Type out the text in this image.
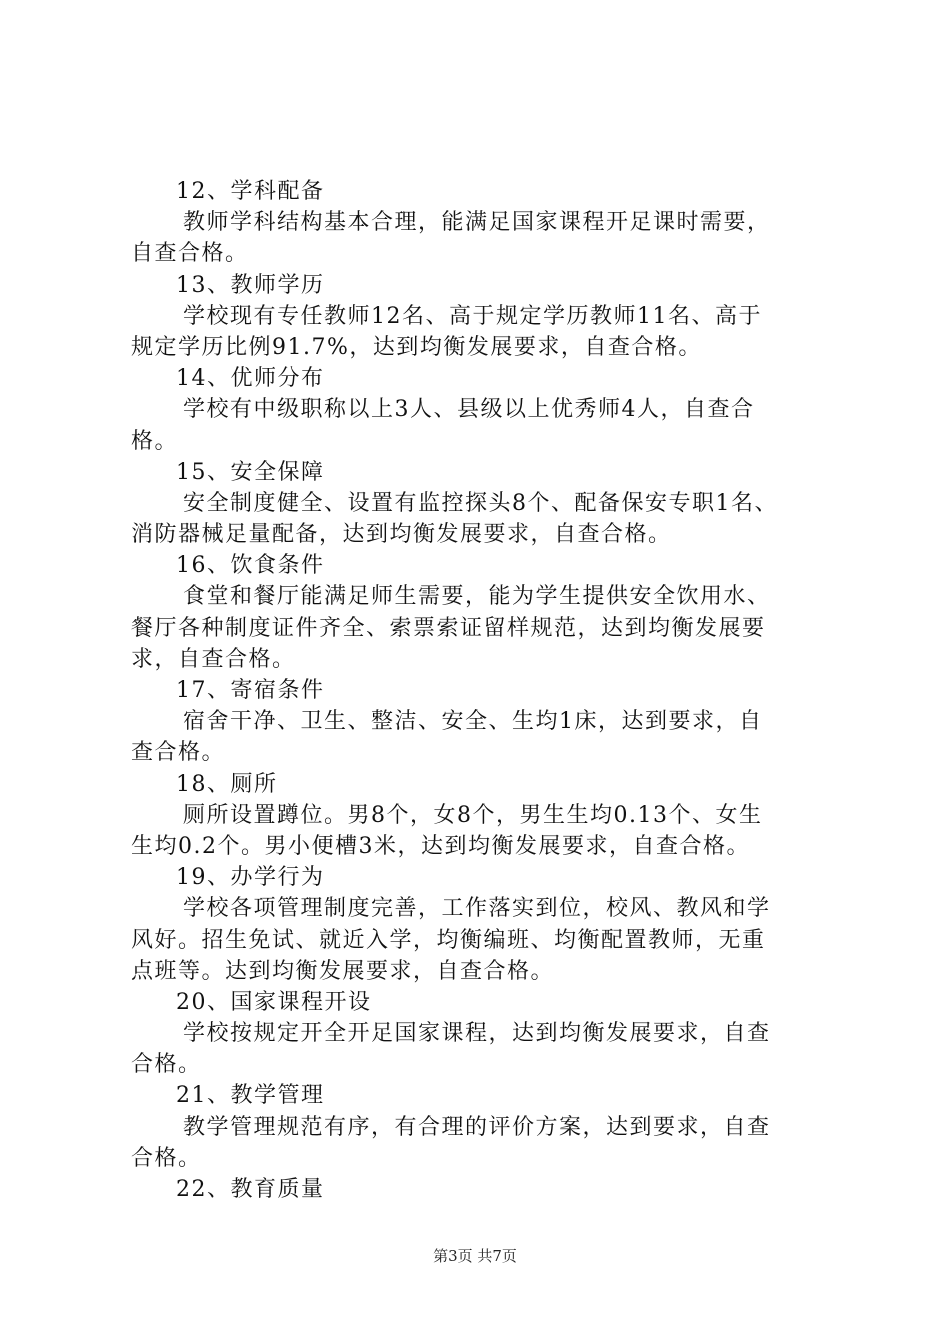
12、学科配备
教师学科结构基本合理，能满足国家课程开足课时需要，
自查合格。
13、教师学历
学校现有专任教师12名、高于规定学历教师11名、高于
规定学历比例91.7%，达到均衡发展要求，自查合格。
14、优师分布
学校有中级职称以上3人、县级以上优秀师4人，自查合
格。
15、安全保障
安全制度健全、设置有监控探头8个、配备保安专职1名、
消防器械足量配备，达到均衡发展要求，自查合格。
16、饮食条件
食堂和餐厅能满足师生需要，能为学生提供安全饮用水、
餐厅各种制度证件齐全、索票索证留样规范，达到均衡发展要
求，自查合格。
17、寄宿条件
宿舍干净、卫生、整洁、安全、生均1床，达到要求，自
查合格。
18、厕所
厕所设置蹲位。男8个，女8个，男生生均0.13个、女生
生均0.2个。男小便槽3米，达到均衡发展要求，自查合格。
19、办学行为
学校各项管理制度完善，工作落实到位，校风、教风和学
风好。招生免试、就近入学，均衡编班、均衡配置教师，无重
点班等。达到均衡发展要求，自查合格。
20、国家课程开设
学校按规定开全开足国家课程，达到均衡发展要求，自查
合格。
21、教学管理
教学管理规范有序，有合理的评价方案，达到要求，自查
合格。
22、教育质量
第3页 共7页
